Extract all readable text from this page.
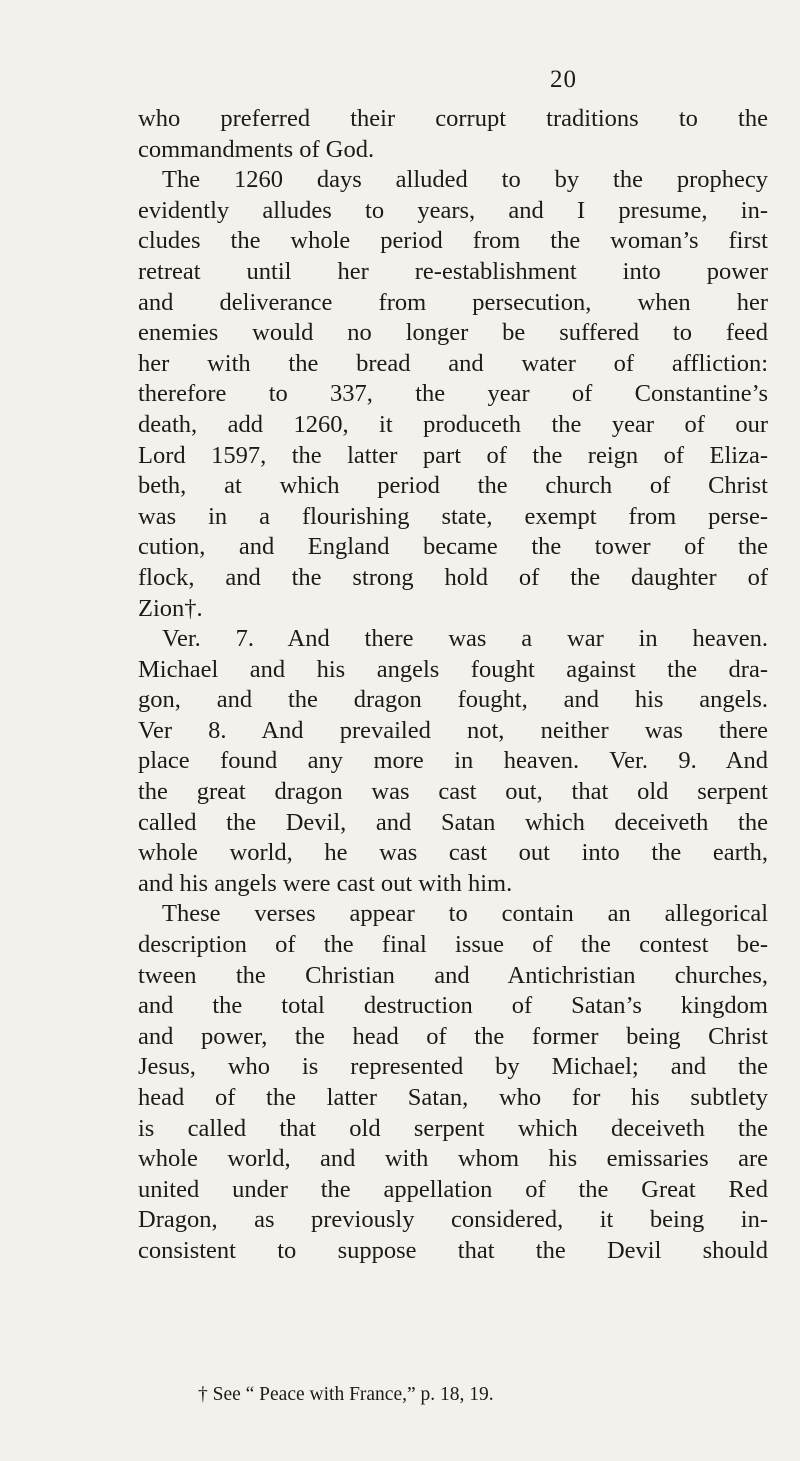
20
who preferred their corrupt traditions to the
commandments of God.
The 1260 days alluded to by the prophecy
evidently alludes to years, and I presume, in-
cludes the whole period from the woman’s first
retreat until her re-establishment into power
and deliverance from persecution, when her
enemies would no longer be suffered to feed
her with the bread and water of affliction:
therefore to 337, the year of Constantine’s
death, add 1260, it produceth the year of our
Lord 1597, the latter part of the reign of Eliza-
beth, at which period the church of Christ
was in a flourishing state, exempt from perse-
cution, and England became the tower of the
flock, and the strong hold of the daughter of
Zion†.
Ver. 7. And there was a war in heaven.
Michael and his angels fought against the dra-
gon, and the dragon fought, and his angels.
Ver 8. And prevailed not, neither was there
place found any more in heaven. Ver. 9. And
the great dragon was cast out, that old serpent
called the Devil, and Satan which deceiveth the
whole world, he was cast out into the earth,
and his angels were cast out with him.
These verses appear to contain an allegorical
description of the final issue of the contest be-
tween the Christian and Antichristian churches,
and the total destruction of Satan’s kingdom
and power, the head of the former being Christ
Jesus, who is represented by Michael; and the
head of the latter Satan, who for his subtlety
is called that old serpent which deceiveth the
whole world, and with whom his emissaries are
united under the appellation of the Great Red
Dragon, as previously considered, it being in-
consistent to suppose that the Devil should
† See “ Peace with France,” p. 18, 19.
